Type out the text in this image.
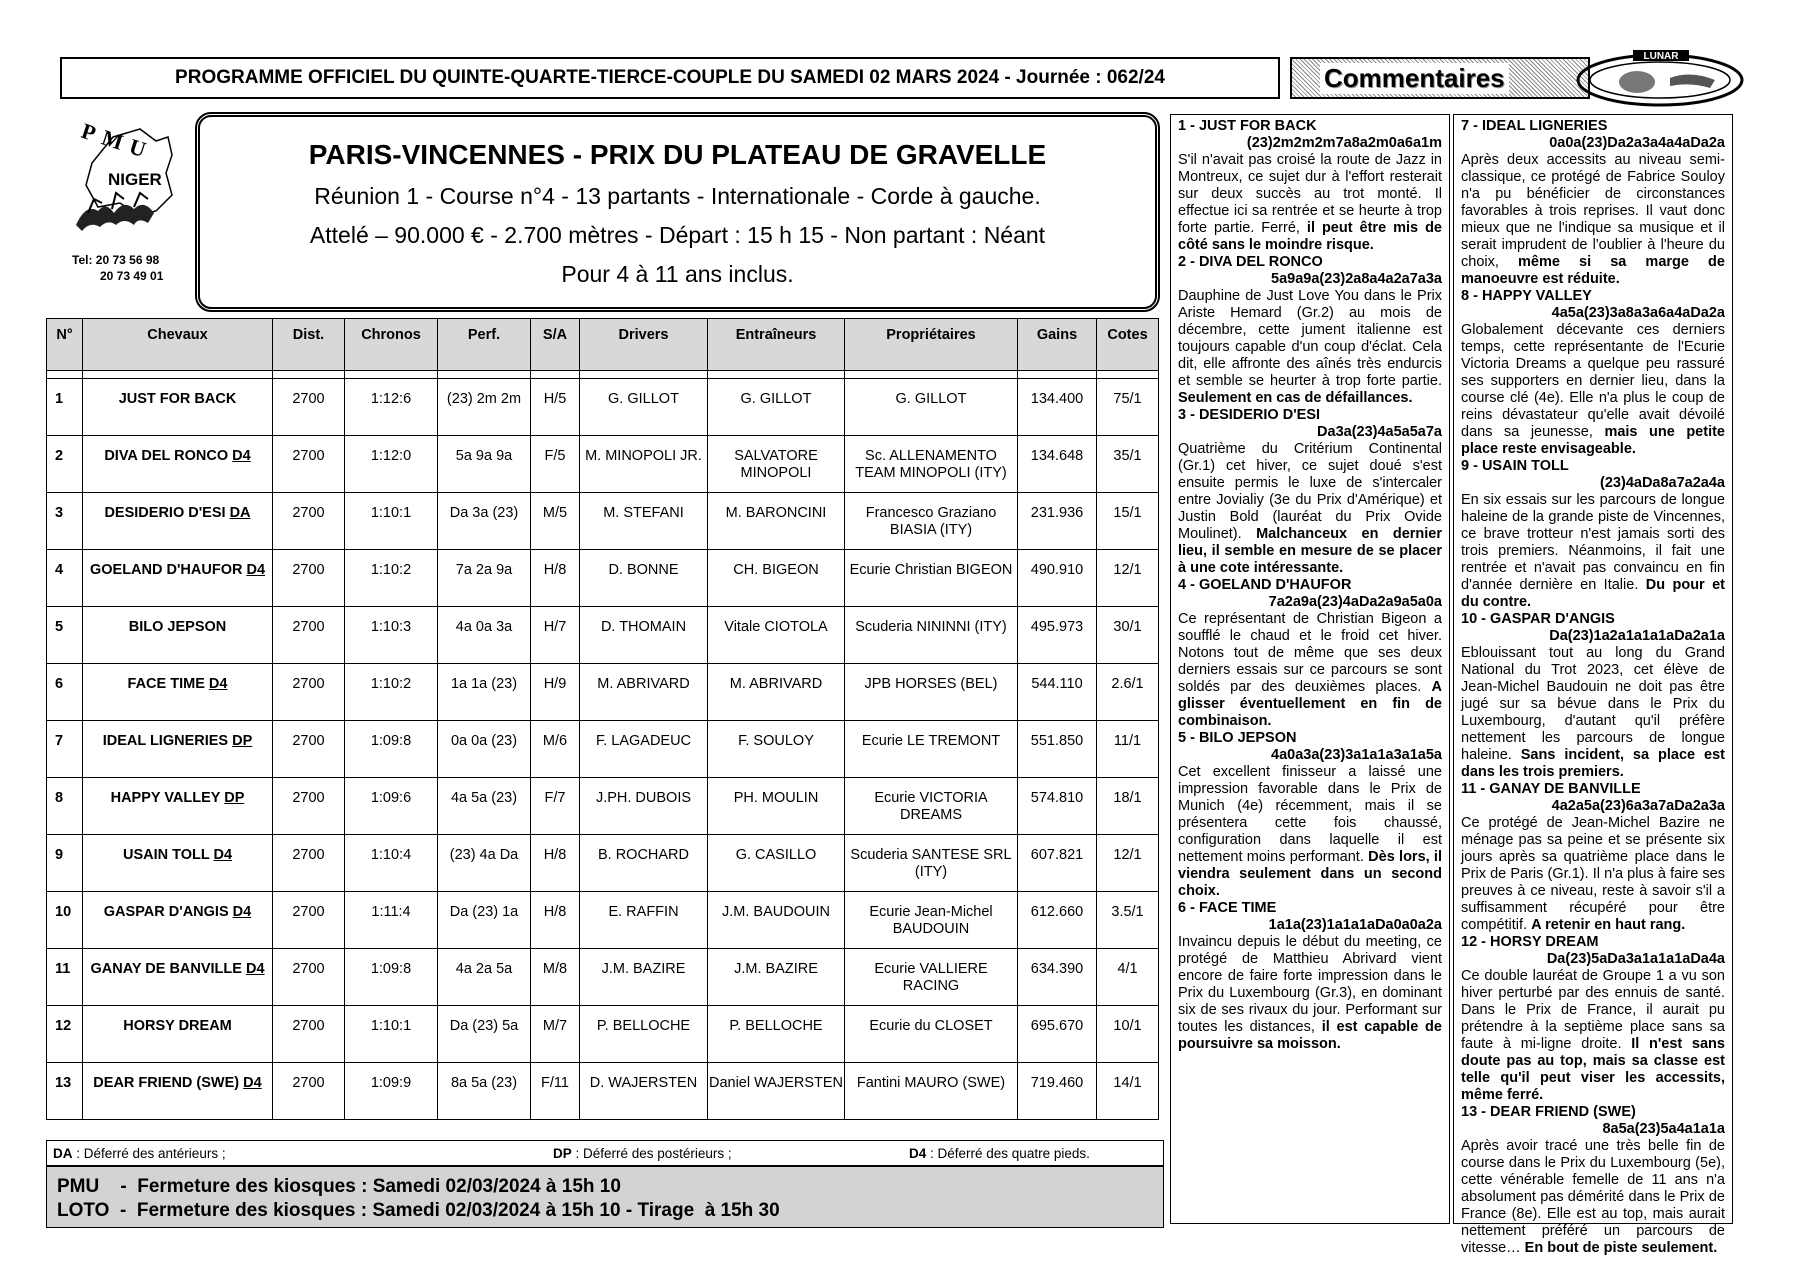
PROGRAMME OFFICIEL DU QUINTE-QUARTE-TIERCE-COUPLE DU SAMEDI 02 MARS 2024 - Journée : 062/24	Commentaires
LUNAR
PMU
NIGER
Tel: 20 73 56 98
20 73 49 01
PARIS-VINCENNES - PRIX DU PLATEAU DE GRAVELLE
Réunion 1 - Course n°4 - 13 partants - Internationale - Corde à gauche.
Attelé – 90.000 € - 2.700 mètres - Départ : 15 h 15 - Non partant : Néant
Pour 4 à 11 ans inclus.
N°	Chevaux	Dist.	Chronos	Perf.	S/A	Drivers	Entraîneurs	Propriétaires	Gains	Cotes

1	JUST FOR BACK	2700	1:12:6	(23) 2m 2m	H/5	G. GILLOT	G. GILLOT	G. GILLOT	134.400	75/1
2	DIVA DEL RONCO D4	2700	1:12:0	5a 9a 9a	F/5	M. MINOPOLI JR.	SALVATORE MINOPOLI	Sc. ALLENAMENTO TEAM MINOPOLI (ITY)	134.648	35/1
3	DESIDERIO D'ESI DA	2700	1:10:1	Da 3a (23)	M/5	M. STEFANI	M. BARONCINI	Francesco Graziano BIASIA (ITY)	231.936	15/1
4	GOELAND D'HAUFOR D4	2700	1:10:2	7a 2a 9a	H/8	D. BONNE	CH. BIGEON	Ecurie Christian BIGEON	490.910	12/1
5	BILO JEPSON	2700	1:10:3	4a 0a 3a	H/7	D. THOMAIN	Vitale CIOTOLA	Scuderia NININNI (ITY)	495.973	30/1
6	FACE TIME D4	2700	1:10:2	1a 1a (23)	H/9	M. ABRIVARD	M. ABRIVARD	JPB HORSES (BEL)	544.110	2.6/1
7	IDEAL LIGNERIES DP	2700	1:09:8	0a 0a (23)	M/6	F. LAGADEUC	F. SOULOY	Ecurie LE TREMONT	551.850	11/1
8	HAPPY VALLEY DP	2700	1:09:6	4a 5a (23)	F/7	J.PH. DUBOIS	PH. MOULIN	Ecurie VICTORIA DREAMS	574.810	18/1
9	USAIN TOLL D4	2700	1:10:4	(23) 4a Da	H/8	B. ROCHARD	G. CASILLO	Scuderia SANTESE SRL (ITY)	607.821	12/1
10	GASPAR D'ANGIS D4	2700	1:11:4	Da (23) 1a	H/8	E. RAFFIN	J.M. BAUDOUIN	Ecurie Jean-Michel BAUDOUIN	612.660	3.5/1
11	GANAY DE BANVILLE D4	2700	1:09:8	4a 2a 5a	M/8	J.M. BAZIRE	J.M. BAZIRE	Ecurie VALLIERE RACING	634.390	4/1
12	HORSY DREAM	2700	1:10:1	Da (23) 5a	M/7	P. BELLOCHE	P. BELLOCHE	Ecurie du CLOSET	695.670	10/1
13	DEAR FRIEND (SWE) D4	2700	1:09:9	8a 5a (23)	F/11	D. WAJERSTEN	Daniel WAJERSTEN	Fantini MAURO (SWE)	719.460	14/1
DA : Déferré des antérieurs ;	DP : Déferré des postérieurs ;	D4 : Déferré des quatre pieds.
PMU    -  Fermeture des kiosques : Samedi 02/03/2024 à 15h 10
LOTO  -  Fermeture des kiosques : Samedi 02/03/2024 à 15h 10 - Tirage  à 15h 30
1 - JUST FOR BACK
(23)2m2m2m7a8a2m0a6a1m
S'il n'avait pas croisé la route de Jazz in Montreux, ce sujet dur à l'effort resterait sur deux succès au trot monté. Il effectue ici sa rentrée et se heurte à trop forte partie. Ferré, il peut être mis de côté sans le moindre risque.
2 - DIVA DEL RONCO
5a9a9a(23)2a8a4a2a7a3a
Dauphine de Just Love You dans le Prix Ariste Hemard (Gr.2) au mois de décembre, cette jument italienne est toujours capable d'un coup d'éclat. Cela dit, elle affronte des aînés très endurcis et semble se heurter à trop forte partie. Seulement en cas de défaillances.
3 - DESIDERIO D'ESI
Da3a(23)4a5a5a7a
Quatrième du Critérium Continental (Gr.1) cet hiver, ce sujet doué s'est ensuite permis le luxe de s'intercaler entre Jovialiy (3e du Prix d'Amérique) et Justin Bold (lauréat du Prix Ovide Moulinet). Malchanceux en dernier lieu, il semble en mesure de se placer à une cote intéressante.
4 - GOELAND D'HAUFOR
7a2a9a(23)4aDa2a9a5a0a
Ce représentant de Christian Bigeon a soufflé le chaud et le froid cet hiver. Notons tout de même que ses deux derniers essais sur ce parcours se sont soldés par des deuxièmes places. A glisser éventuellement en fin de combinaison.
5 - BILO JEPSON
4a0a3a(23)3a1a1a3a1a5a
Cet excellent finisseur a laissé une impression favorable dans le Prix de Munich (4e) récemment, mais il se présentera cette fois chaussé, configuration dans laquelle il est nettement moins performant. Dès lors, il viendra seulement dans un second choix.
6 - FACE TIME
1a1a(23)1a1a1aDa0a0a2a
Invaincu depuis le début du meeting, ce protégé de Matthieu Abrivard vient encore de faire forte impression dans le Prix du Luxembourg (Gr.3), en dominant six de ses rivaux du jour. Performant sur toutes les distances, il est capable de poursuivre sa moisson.
7 - IDEAL LIGNERIES
0a0a(23)Da2a3a4a4aDa2a
Après deux accessits au niveau semi-classique, ce protégé de Fabrice Souloy n'a pu bénéficier de circonstances favorables à trois reprises. Il vaut donc mieux que ne l'indique sa musique et il serait imprudent de l'oublier à l'heure du choix, même si sa marge de manoeuvre est réduite.
8 - HAPPY VALLEY
4a5a(23)3a8a3a6a4aDa2a
Globalement décevante ces derniers temps, cette représentante de l'Ecurie Victoria Dreams a quelque peu rassuré ses supporters en dernier lieu, dans la course clé (4e). Elle n'a plus le coup de reins dévastateur qu'elle avait dévoilé dans sa jeunesse, mais une petite place reste envisageable.
9 - USAIN TOLL
(23)4aDa8a7a2a4a
En six essais sur les parcours de longue haleine de la grande piste de Vincennes, ce brave trotteur n'est jamais sorti des trois premiers. Néanmoins, il fait une rentrée et n'avait pas convaincu en fin d'année dernière en Italie. Du pour et du contre.
10 - GASPAR D'ANGIS
Da(23)1a2a1a1a1aDa2a1a
Eblouissant tout au long du Grand National du Trot 2023, cet élève de Jean-Michel Baudouin ne doit pas être jugé sur sa bévue dans le Prix du Luxembourg, d'autant qu'il préfère nettement les parcours de longue haleine. Sans incident, sa place est dans les trois premiers.
11 - GANAY DE BANVILLE
4a2a5a(23)6a3a7aDa2a3a
Ce protégé de Jean-Michel Bazire ne ménage pas sa peine et se présente six jours après sa quatrième place dans le Prix de Paris (Gr.1). Il n'a plus à faire ses preuves à ce niveau, reste à savoir s'il a suffisamment récupéré pour être compétitif. A retenir en haut rang.
12 - HORSY DREAM
Da(23)5aDa3a1a1a1aDa4a
Ce double lauréat de Groupe 1 a vu son hiver perturbé par des ennuis de santé. Dans le Prix de France, il aurait pu prétendre à la septième place sans sa faute à mi-ligne droite. Il n'est sans doute pas au top, mais sa classe est telle qu'il peut viser les accessits, même ferré.
13 - DEAR FRIEND (SWE)
8a5a(23)5a4a1a1a
Après avoir tracé une très belle fin de course dans le Prix du Luxembourg (5e), cette vénérable femelle de 11 ans n'a absolument pas démérité dans le Prix de France (8e). Elle est au top, mais aurait nettement préféré un parcours de vitesse… En bout de piste seulement.
